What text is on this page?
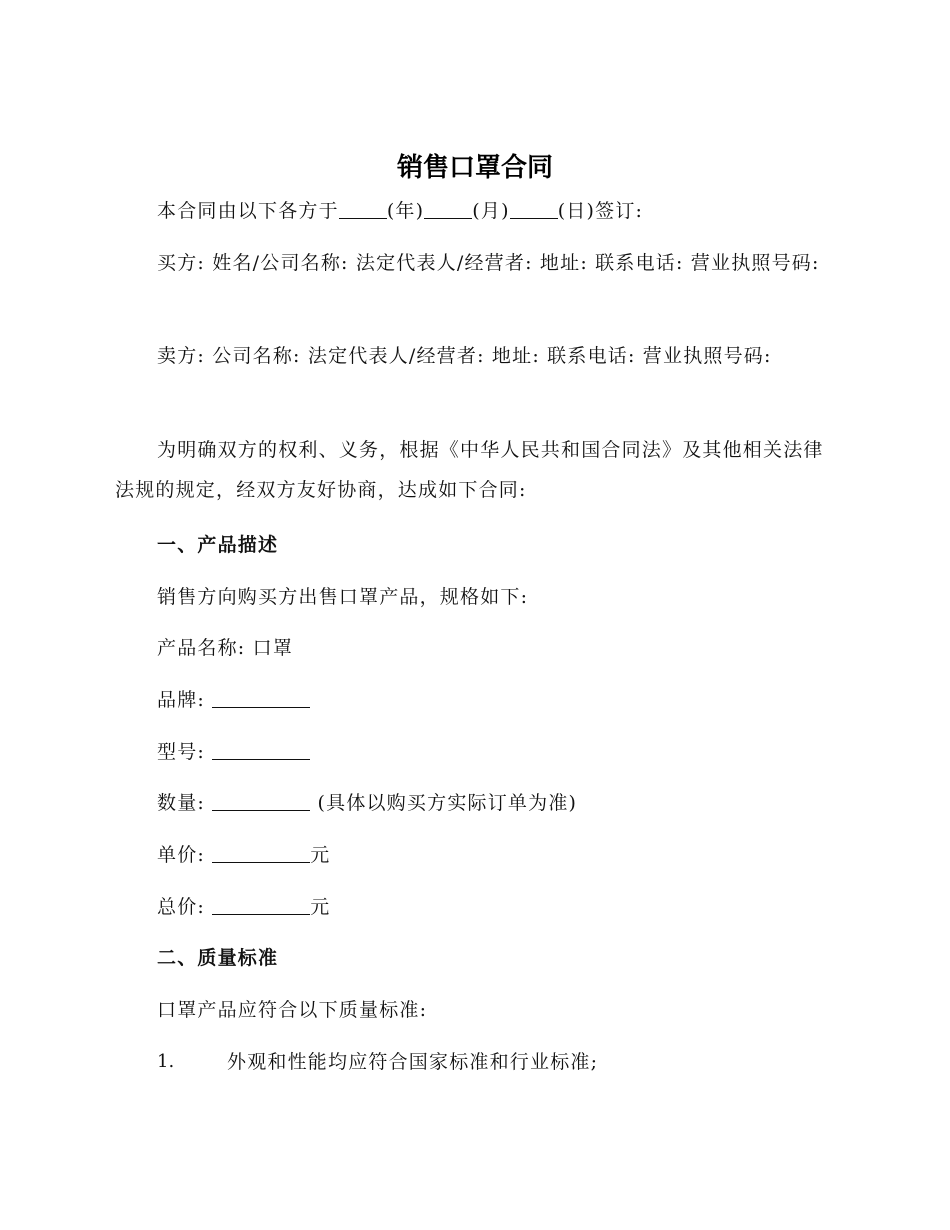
销售口罩合同
本合同由以下各方于	(年)	(月)	(日)签订:
买方: 姓名/公司名称: 法定代表人/经营者: 地址: 联系电话: 营业执照号码:
卖方: 公司名称: 法定代表人/经营者: 地址: 联系电话: 营业执照号码:
为明确双方的权利、义务，根据《中华人民共和国合同法》及其他相关法律法规的规定，经双方友好协商，达成如下合同:
一、产品描述
销售方向购买方出售口罩产品，规格如下:
产品名称: 口罩
品牌:
型号:
数量:	(具体以购买方实际订单为准)
单价:	元
总价:	元
二、质量标准
口罩产品应符合以下质量标准:
1.	外观和性能均应符合国家标准和行业标准;
